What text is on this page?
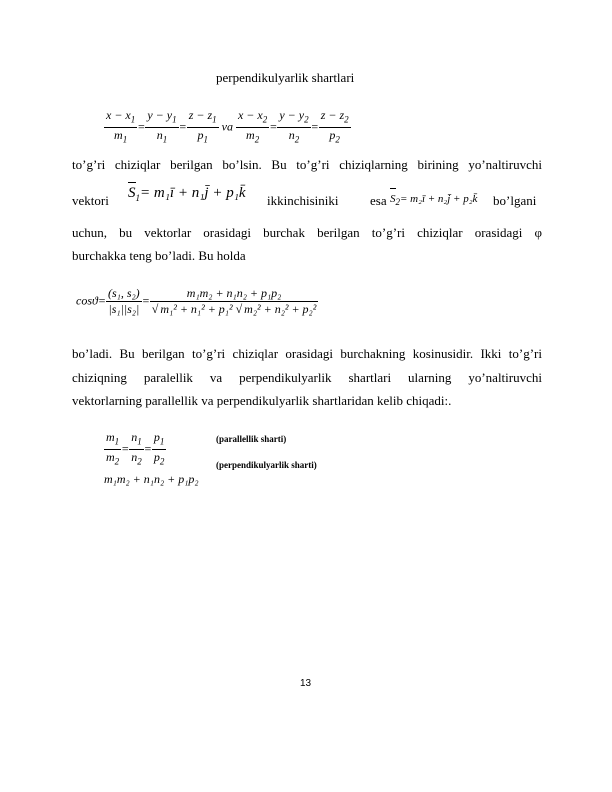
perpendikulyarlik shartlari
$\frac{x - x_1}{m_1} = \frac{y - y_1}{n_1} = \frac{z - z_1}{p_1}$ va $\frac{x - x_2}{m_2} = \frac{y - y_2}{n_2} = \frac{z - z_2}{p_2}$
to’g’ri chiziqlar berilgan bo’lsin. Bu to’g’ri chiziqlarning birining yo’naltiruvchi
vektori $S_1=$ m₁ī + n₁j̄ + p₁k̄ ikkinchisiniki esa $S_2=$ m₂ī + n₂j̄ + p₂k̄ bo’lgani
uchun, bu vektorlar orasidagi burchak berilgan to’g’ri chiziqlar orasidagi φ
burchakka teng bo’ladi. Bu holda
$\cos ϑ= \frac{\text{(s₁, s₂)}}{\text{|s₁||s₂|}} = \frac{\text{m₁m₂ + n₁n₂ + p₁p₂}}{\text{√ m₁² + n₁² + p₁² √ m₂² + n₂² + p₂²}}$
bo’ladi. Bu berilgan to’g’ri chiziqlar orasidagi burchakning kosinusidir. Ikki to’g’ri
chiziqning paralellik va perpendikulyarlik shartlari ularning yo’naltiruvchi
vektorlarning parallellik va perpendikulyarlik shartlaridan kelib chiqadi:.
$\frac{m_1}{m_2} = \frac{n_1}{n_2} = \frac{p_1}{p_2}$
m₁m₂ + n₁n₂ + p₁p₂
(parallellik sharti)
(perpendikulyarlik sharti)
13
